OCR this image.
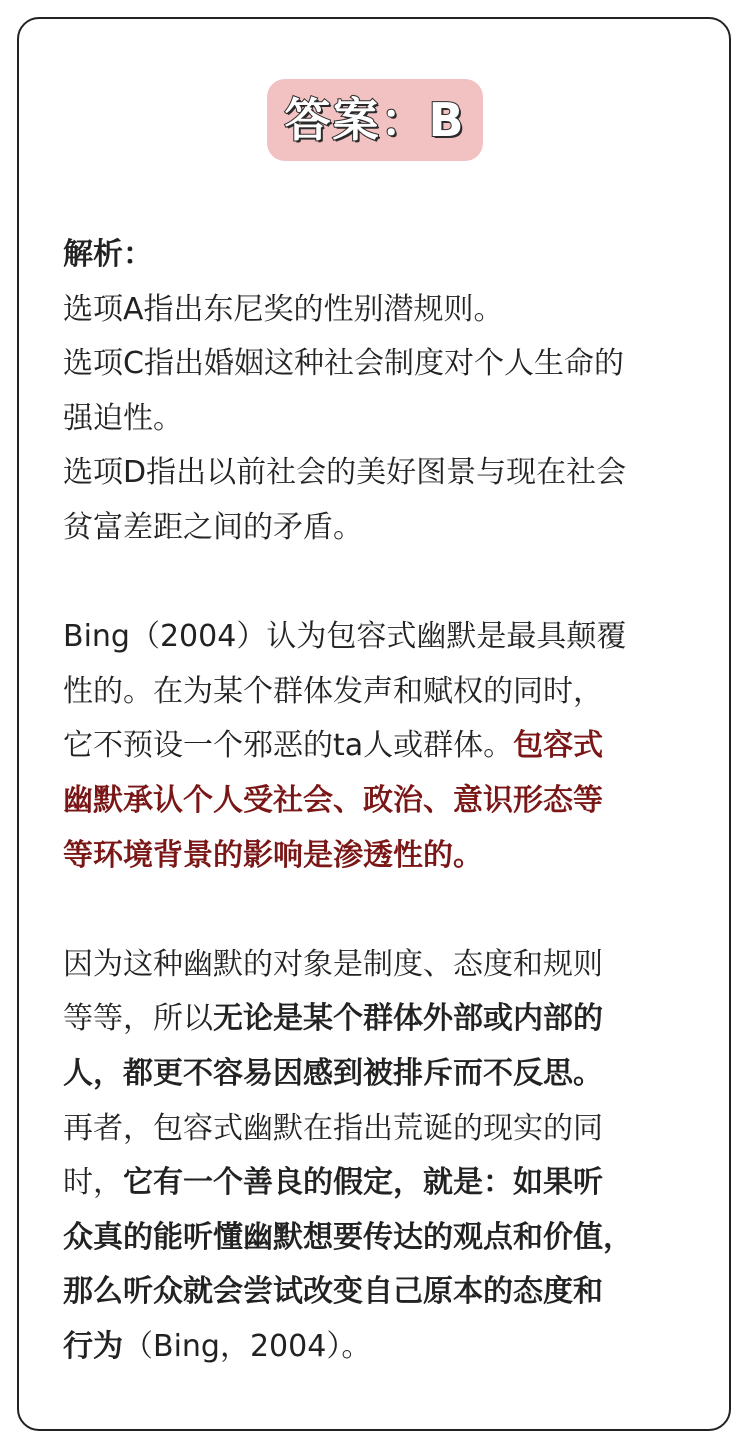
答案：B

解析：

选项A指出东尼奖的性别潜规则。

选项C指出婚姻这种社会制度对个人生命的

强迫性。

选项D指出以前社会的美好图景与现在社会

贫富差距之间的矛盾。

Bing（2004）认为包容式幽默是最具颠覆

性的。在为某个群体发声和赋权的同时，

它不预设一个邪恶的ta人或群体。包容式

幽默承认个人受社会、政治、意识形态等

等环境背景的影响是渗透性的。

因为这种幽默的对象是制度、态度和规则

等等，所以无论是某个群体外部或内部的

人，都更不容易因感到被排斥而不反思。

再者，包容式幽默在指出荒诞的现实的同

时，它有一个善良的假定，就是：如果听

众真的能听懂幽默想要传达的观点和价值，

那么听众就会尝试改变自己原本的态度和

行为（Bing，2004）。
